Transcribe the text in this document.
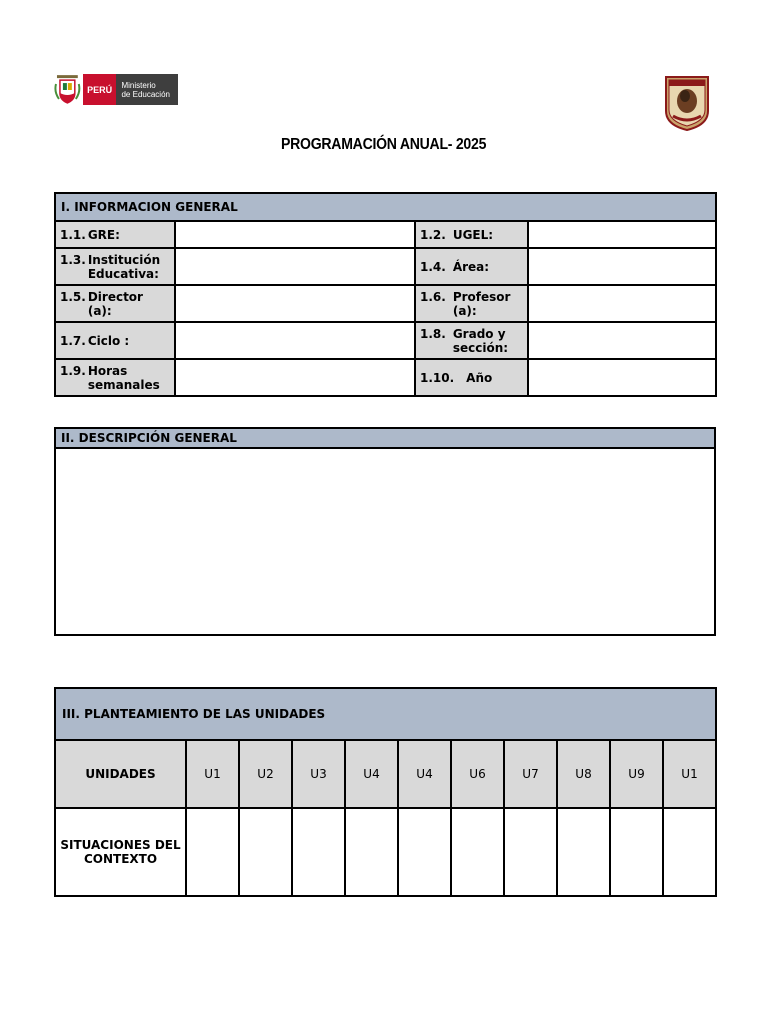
PERÚ	Ministerio
de Educación
PROGRAMACIÓN ANUAL- 2025
I. INFORMACION GENERAL			

1.1. GRE:		1.2. UGEL:	

1.3. Institución Educativa:		1.4. Área:	

1.5. Director (a):		1.6. Profesor (a):	

1.7. Ciclo :		1.8. Grado y sección:	

1.9. Horas semanales		1.10. Año	

II. DESCRIPCIÓN GENERAL
III. PLANTEAMIENTO DE LAS UNIDADES										
UNIDADES	U1	U2	U3	U4	U4	U6	U7	U8	U9	U1
SITUACIONES DEL CONTEXTO										
